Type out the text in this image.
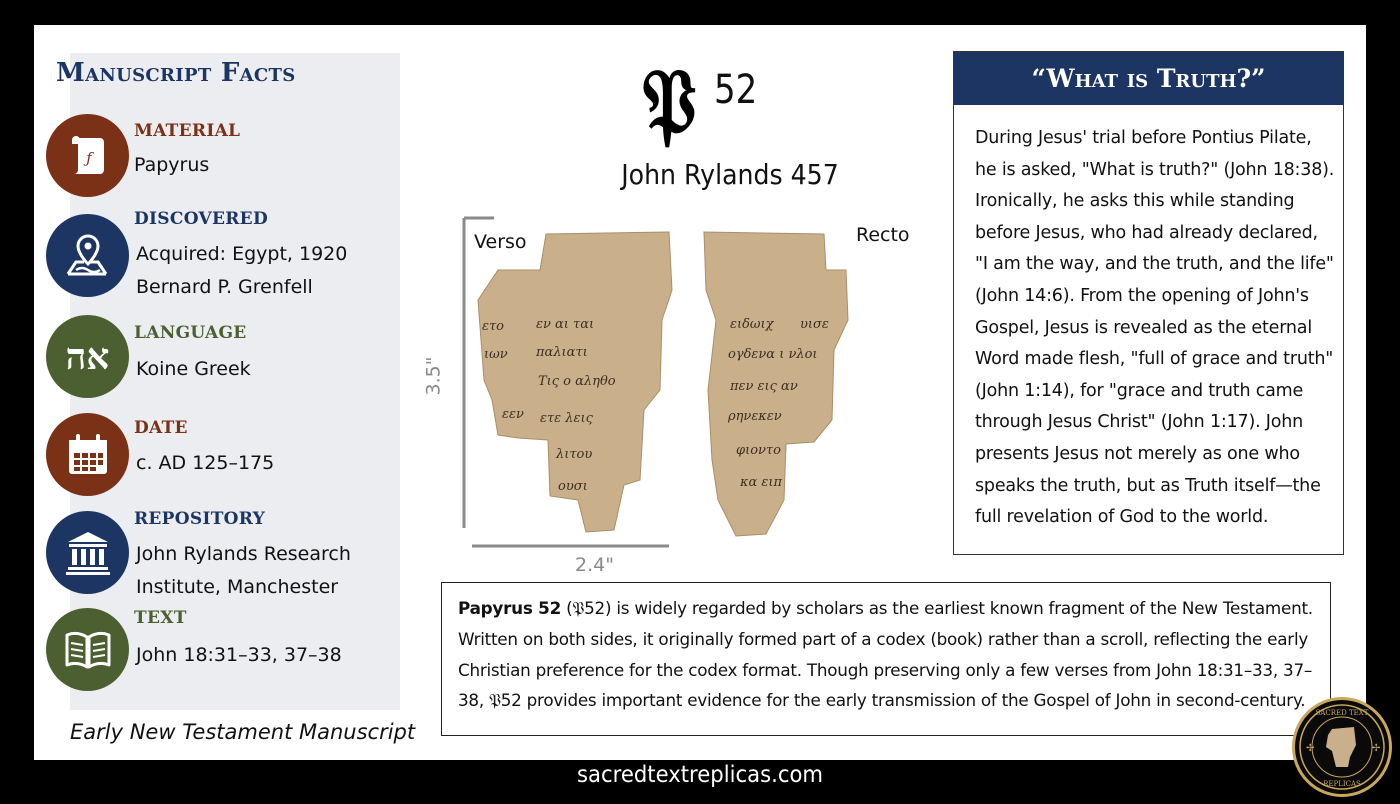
Manuscript Facts
ƒ
MATERIAL
Papyrus
DISCOVERED
Acquired: Egypt, 1920
Bernard P. Grenfell
אה
LANGUAGE
Koine Greek
DATE
c. AD 125–175
REPOSITORY
John Rylands Research
Institute, Manchester
TEXT
John 18:31–33, 37–38
Early New Testament Manuscript
𝔓 52
John Rylands 457
ετο εν αι ται
ιων παλιατι
Τις ο αληθο
εεν ετε λεις
λιτου
ουσι
ειδωιχ υισε
ογδενα ι νλοι
πεν εις αν
ρηνεκεν
φιοντο
κα ειπ
Verso	Recto
3.5"
2.4"
“What is Truth?”
During Jesus' trial before Pontius Pilate, he is asked, "What is truth?" (John 18:38). Ironically, he asks this while standing before Jesus, who had already declared, "I am the way, and the truth, and the life" (John 14:6). From the opening of John's Gospel, Jesus is revealed as the eternal Word made flesh, "full of grace and truth" (John 1:14), for "grace and truth came through Jesus Christ" (John 1:17). John presents Jesus not merely as one who speaks the truth, but as Truth itself—the full revelation of God to the world.
Papyrus 52 (𝔓52) is widely regarded by scholars as the earliest known fragment of the New Testament. Written on both sides, it originally formed part of a codex (book) rather than a scroll, reflecting the early Christian preference for the codex format. Though preserving only a few verses from John 18:31–33, 37–38, 𝔓52 provides important evidence for the early transmission of the Gospel of John in second-century.
sacredtextreplicas.com
SACRED TEXT
REPLICAS
✢	✢
